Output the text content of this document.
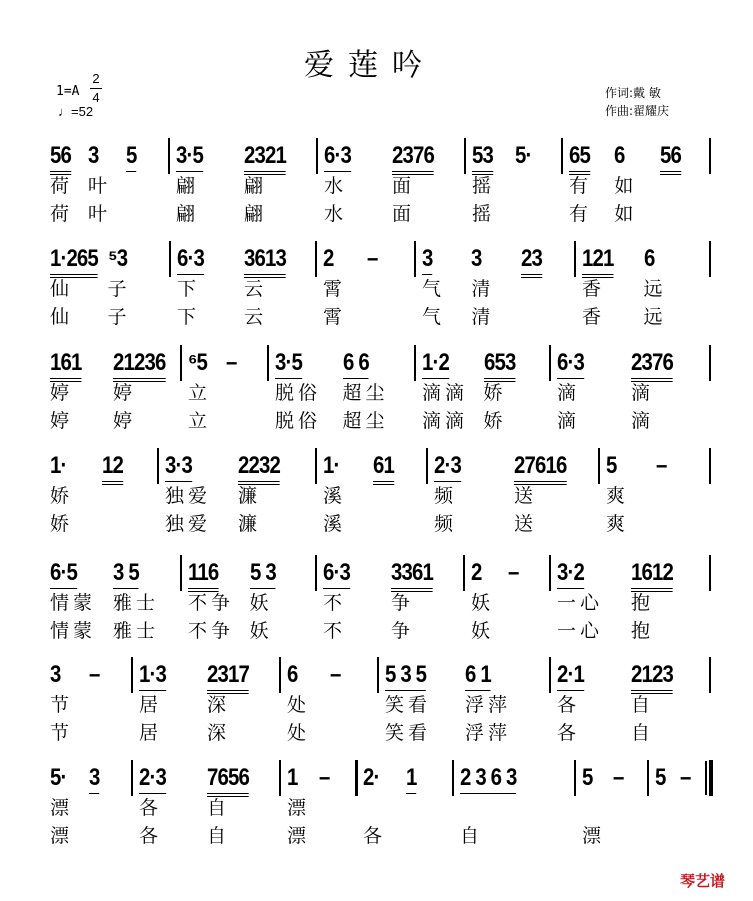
爱莲吟
$1=A \frac{2}{4}$
♩=52
作词:戴 敏
作曲:翟耀庆
56
荷
荷
3
叶
叶
5 3·5
翩
翩
2321
翩
翩
6·3
水
水
2376
面
面
53
摇
摇
5· 65
有
有
6
如
如
56
1·265
仙
仙
⁵3
子
子
6·3
下
下
3613
云
云
2
霄
霄
– 3
气
气
3
清
清
23 121
香
香
6
远
远
161
婷
婷
21236
婷
婷
⁶5
立
立
– 3·5
脱俗
脱俗
6 6
超尘
超尘
1·2
滴滴
滴滴
653
娇
娇
6·3
滴
滴
2376
滴
滴
1·
娇
娇
12 3·3
独爱
独爱
2232
濂
濂
1·
溪
溪
61 2·3
频
频
27616
送
送
5
爽
爽
–
6·5
情蒙
情蒙
3 5
雅士
雅士
116
不争
不争
5 3
妖
妖
6·3
不
不
3361
争
争
2
妖
妖
– 3·2
一心
一心
1612
抱
抱
3
节
节
– 1·3
居
居
2317
深
深
6
处
处
– 5 3 5
笑看
笑看
6 1
浮萍
浮萍
2·1
各
各
2123
自
自
5·
漂
漂
3 2·3
各
各
7656
自
自
1
漂
漂
– 2·
各
1 2 3 6 3
自
5
漂
– 5 –
琴艺谱
